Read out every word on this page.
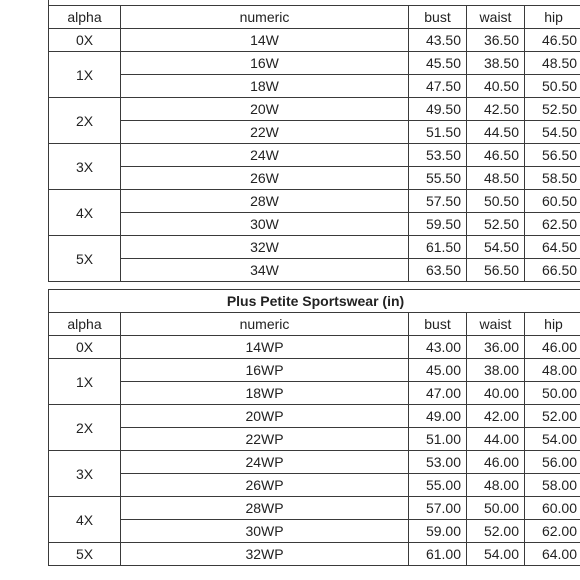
alpha	numeric	bust	waist	hip
0X	14W	43.50	36.50	46.50
1X	16W	45.50	38.50	48.50
	18W	47.50	40.50	50.50
2X	20W	49.50	42.50	52.50
	22W	51.50	44.50	54.50
3X	24W	53.50	46.50	56.50
	26W	55.50	48.50	58.50
4X	28W	57.50	50.50	60.50
	30W	59.50	52.50	62.50
5X	32W	61.50	54.50	64.50
	34W	63.50	56.50	66.50
Plus Petite Sportswear (in)				
alpha	numeric	bust	waist	hip
0X	14WP	43.00	36.00	46.00
1X	16WP	45.00	38.00	48.00
	18WP	47.00	40.00	50.00
2X	20WP	49.00	42.00	52.00
	22WP	51.00	44.00	54.00
3X	24WP	53.00	46.00	56.00
	26WP	55.00	48.00	58.00
4X	28WP	57.00	50.00	60.00
	30WP	59.00	52.00	62.00
5X	32WP	61.00	54.00	64.00
